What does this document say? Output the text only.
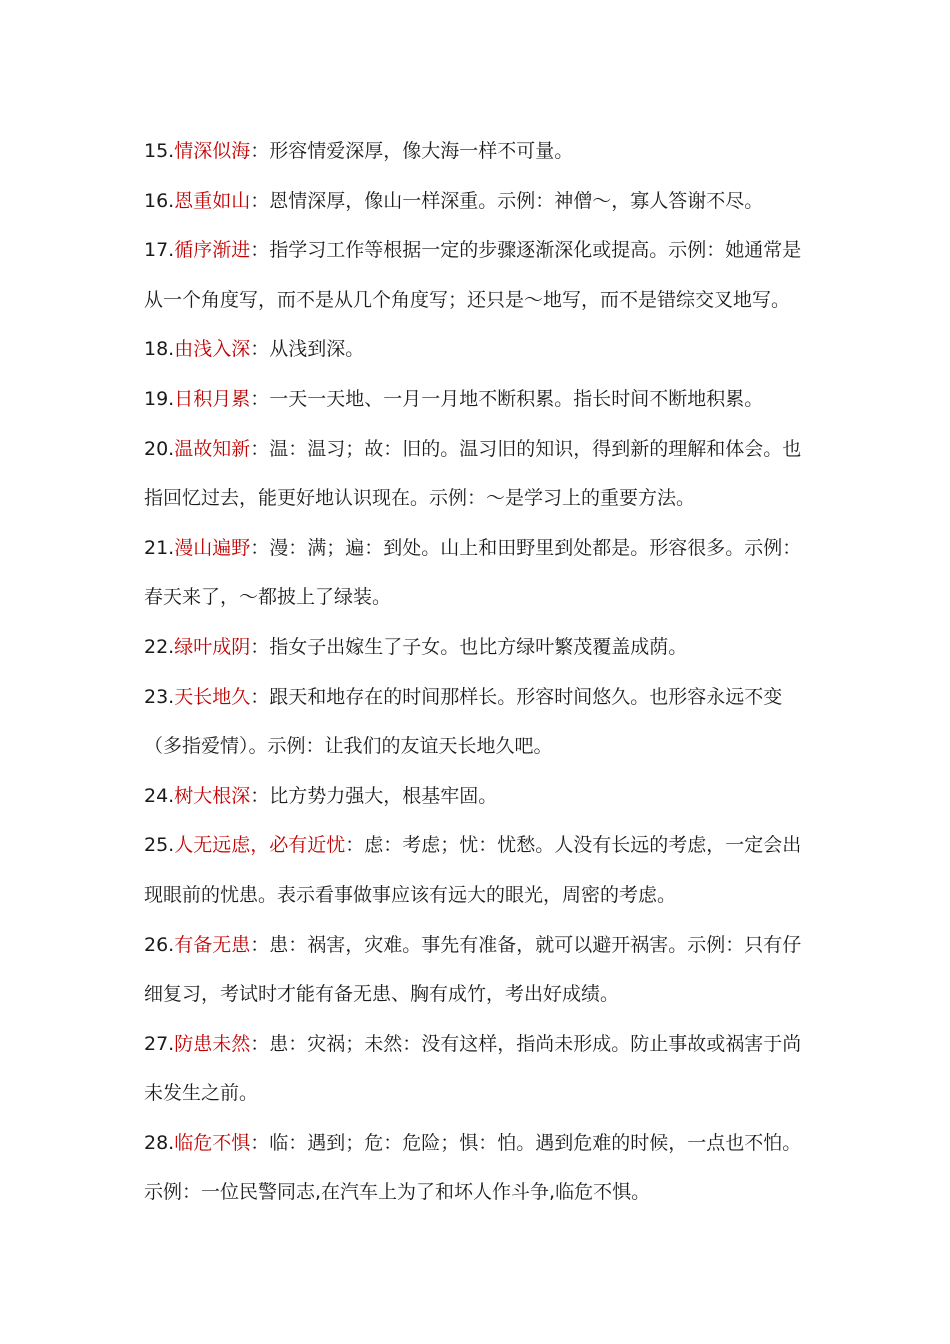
15.情深似海：形容情爱深厚，像大海一样不可量。
16.恩重如山：恩情深厚，像山一样深重。示例：神僧～，寡人答谢不尽。
17.循序渐进：指学习工作等根据一定的步骤逐渐深化或提高。示例：她通常是
从一个角度写，而不是从几个角度写；还只是～地写，而不是错综交叉地写。
18.由浅入深：从浅到深。
19.日积月累：一天一天地、一月一月地不断积累。指长时间不断地积累。
20.温故知新：温：温习；故：旧的。温习旧的知识，得到新的理解和体会。也
指回忆过去，能更好地认识现在。示例：～是学习上的重要方法。
21.漫山遍野：漫：满；遍：到处。山上和田野里到处都是。形容很多。示例：
春天来了，～都披上了绿装。
22.绿叶成阴：指女子出嫁生了子女。也比方绿叶繁茂覆盖成荫。
23.天长地久：跟天和地存在的时间那样长。形容时间悠久。也形容永远不变
（多指爱情）。示例：让我们的友谊天长地久吧。
24.树大根深：比方势力强大，根基牢固。
25.人无远虑，必有近忧：虑：考虑；忧：忧愁。人没有长远的考虑，一定会出
现眼前的忧患。表示看事做事应该有远大的眼光，周密的考虑。
26.有备无患：患：祸害，灾难。事先有准备，就可以避开祸害。示例：只有仔
细复习，考试时才能有备无患、胸有成竹，考出好成绩。
27.防患未然：患：灾祸；未然：没有这样，指尚未形成。防止事故或祸害于尚
未发生之前。
28.临危不惧：临：遇到；危：危险；惧：怕。遇到危难的时候，一点也不怕。
示例：一位民警同志,在汽车上为了和坏人作斗争,临危不惧。
